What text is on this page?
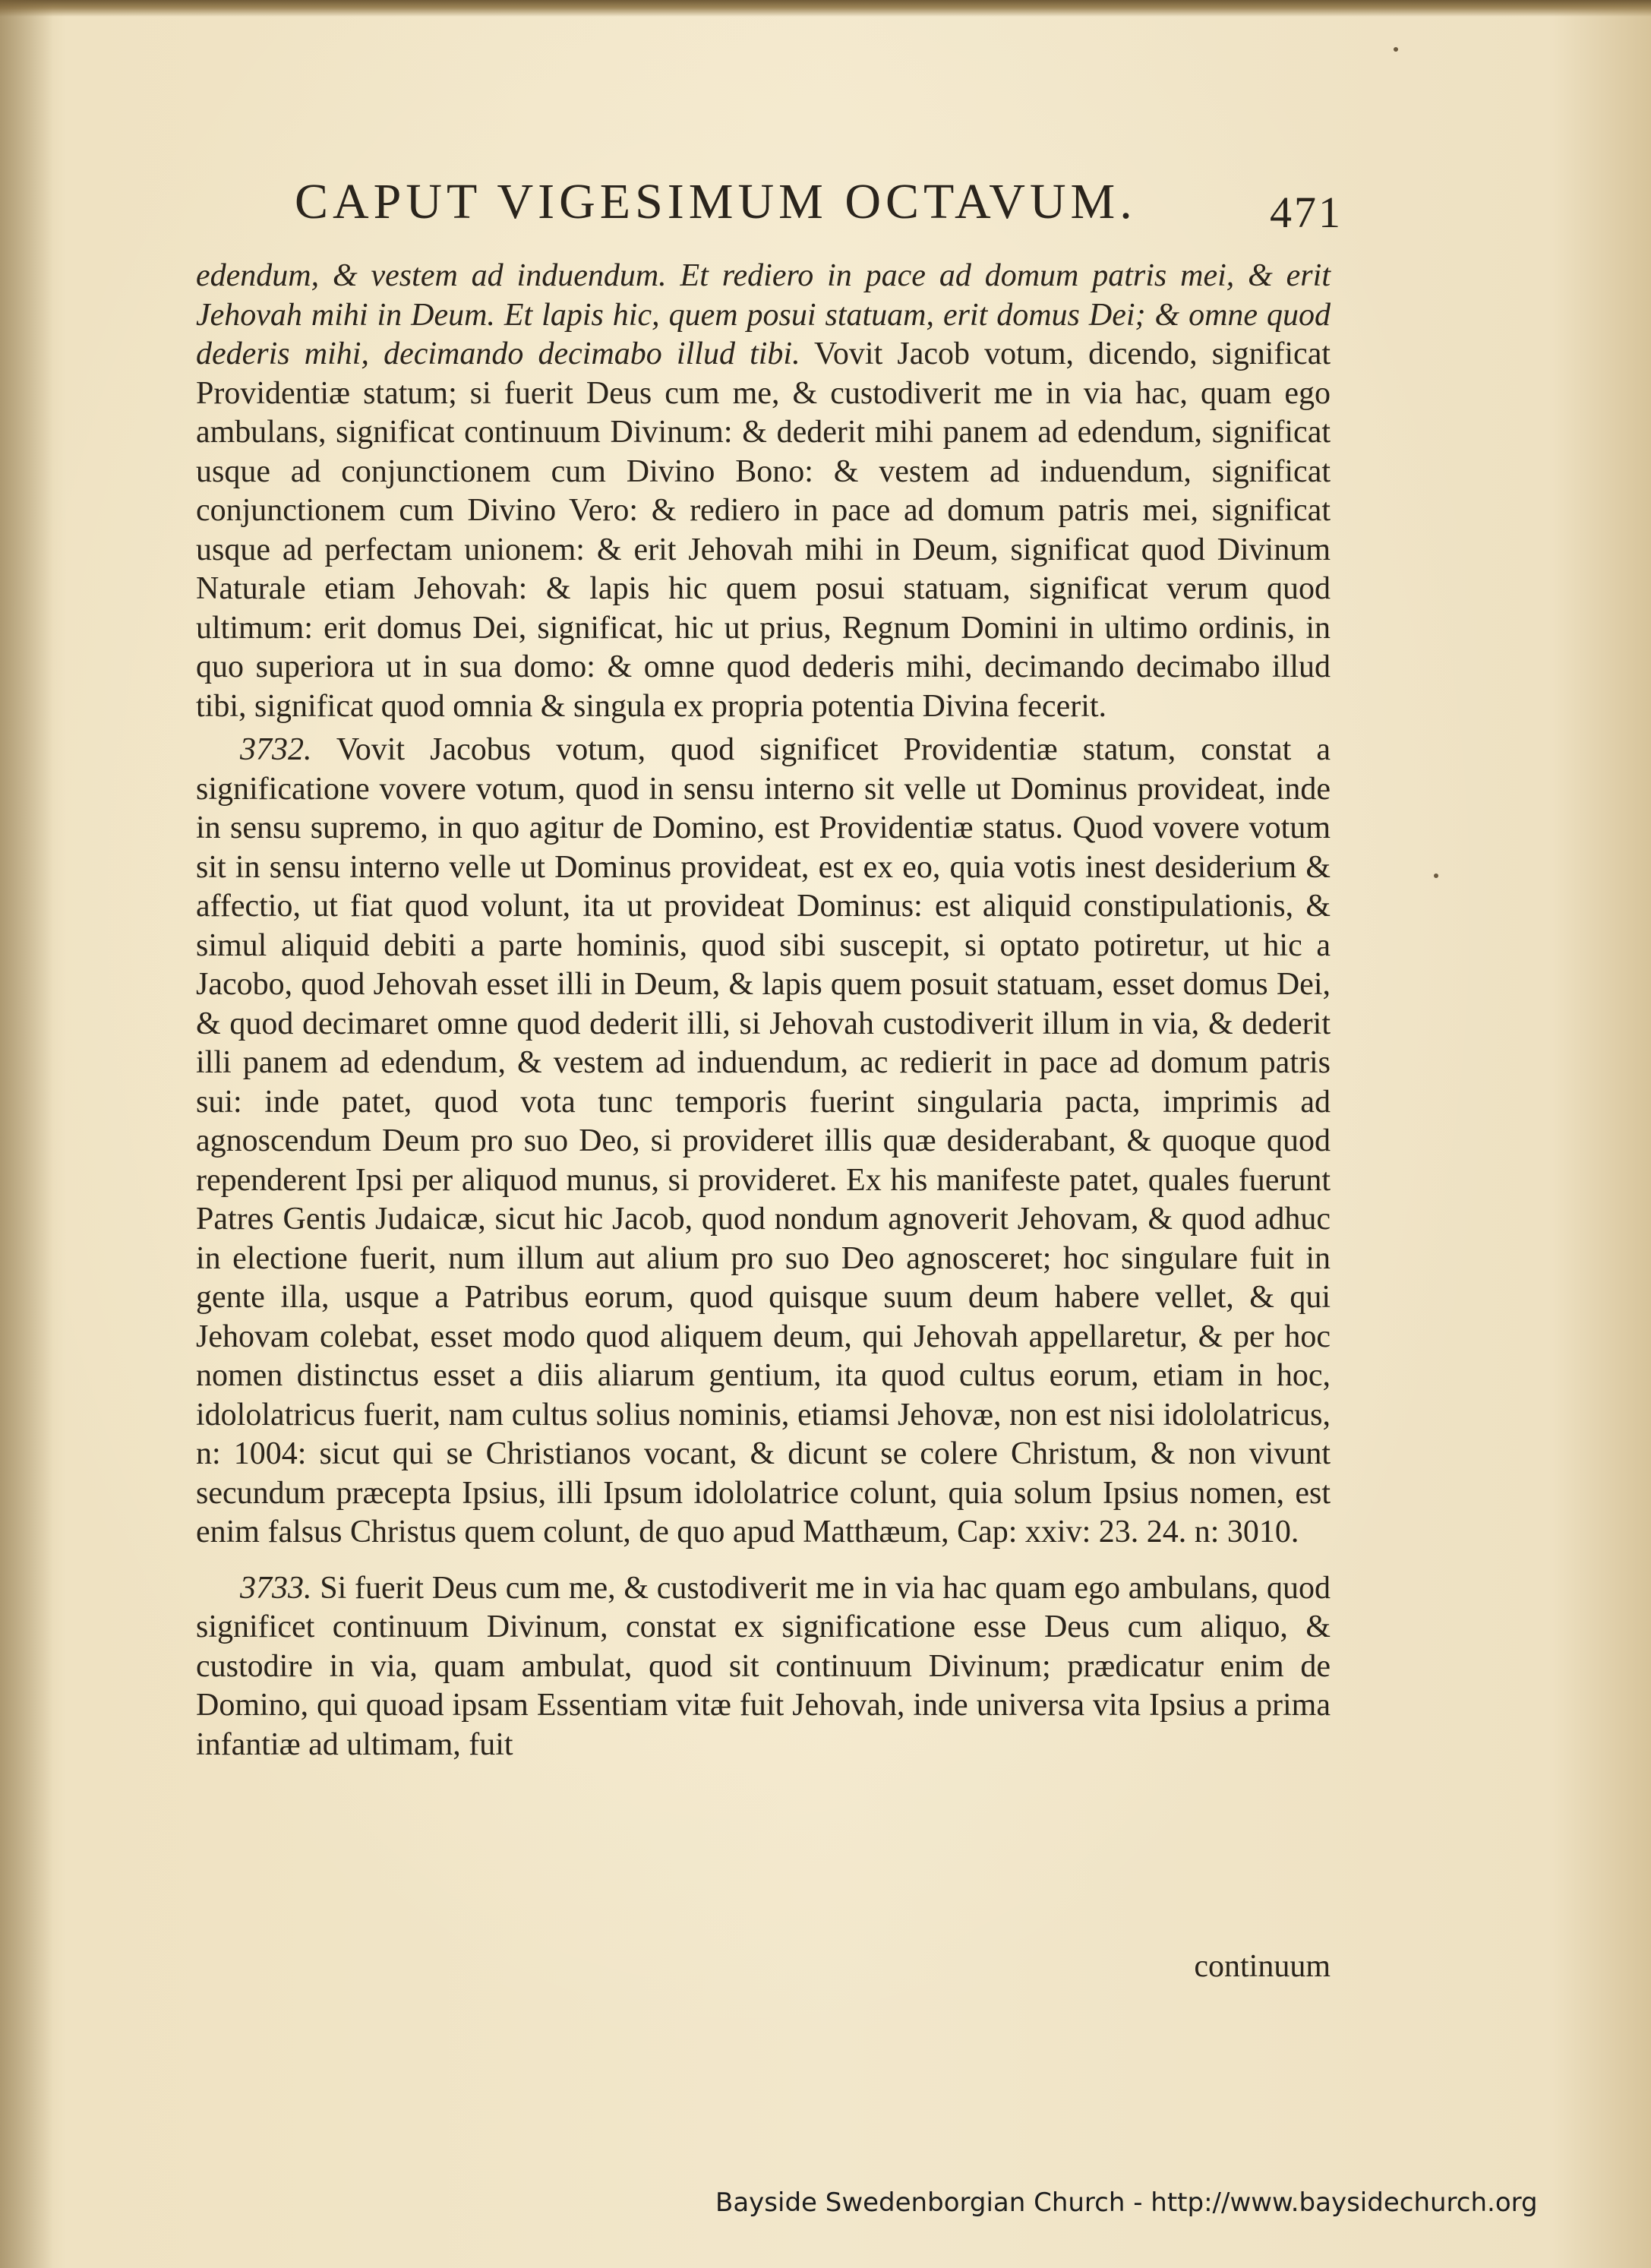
CAPUT VIGESIMUM OCTAVUM.	471

edendum, & vestem ad induendum. Et rediero in pace ad domum patris mei, & erit Jehovah mihi in Deum. Et lapis hic, quem posui statuam, erit domus Dei; & omne quod dederis mihi, decimando decimabo illud tibi. Vovit Jacob votum, dicendo, significat Providentiæ statum; si fuerit Deus cum me, & custodiverit me in via hac, quam ego ambulans, significat continuum Divinum: & dederit mihi panem ad edendum, significat usque ad conjunctionem cum Divino Bono: & vestem ad induendum, significat conjunctionem cum Divino Vero: & rediero in pace ad domum patris mei, significat usque ad perfectam unionem: & erit Jehovah mihi in Deum, significat quod Divinum Naturale etiam Jehovah: & lapis hic quem posui statuam, significat verum quod ultimum: erit domus Dei, significat, hic ut prius, Regnum Domini in ultimo ordinis, in quo superiora ut in sua domo: & omne quod dederis mihi, decimando decimabo illud tibi, significat quod omnia & singula ex propria potentia Divina fecerit.

3732. Vovit Jacobus votum, quod significet Providentiæ statum, constat a significatione vovere votum, quod in sensu interno sit velle ut Dominus provideat, inde in sensu supremo, in quo agitur de Domino, est Providentiæ status. Quod vovere votum sit in sensu interno velle ut Dominus provideat, est ex eo, quia votis inest desiderium & affectio, ut fiat quod volunt, ita ut provideat Dominus: est aliquid constipulationis, & simul aliquid debiti a parte hominis, quod sibi suscepit, si optato potiretur, ut hic a Jacobo, quod Jehovah esset illi in Deum, & lapis quem posuit statuam, esset domus Dei, & quod decimaret omne quod dederit illi, si Jehovah custodiverit illum in via, & dederit illi panem ad edendum, & vestem ad induendum, ac redierit in pace ad domum patris sui: inde patet, quod vota tunc temporis fuerint singularia pacta, imprimis ad agnoscendum Deum pro suo Deo, si provideret illis quæ desiderabant, & quoque quod rependerent Ipsi per aliquod munus, si provideret. Ex his manifeste patet, quales fuerunt Patres Gentis Judaicæ, sicut hic Jacob, quod nondum agnoverit Jehovam, & quod adhuc in electione fuerit, num illum aut alium pro suo Deo agnosceret; hoc singulare fuit in gente illa, usque a Patribus eorum, quod quisque suum deum habere vellet, & qui Jehovam colebat, esset modo quod aliquem deum, qui Jehovah appellaretur, & per hoc nomen distinctus esset a diis aliarum gentium, ita quod cultus eorum, etiam in hoc, idololatricus fuerit, nam cultus solius nominis, etiamsi Jehovæ, non est nisi idololatricus, n: 1004: sicut qui se Christianos vocant, & dicunt se colere Christum, & non vivunt secundum præcepta Ipsius, illi Ipsum idololatrice colunt, quia solum Ipsius nomen, est enim falsus Christus quem colunt, de quo apud Matthæum, Cap: xxiv: 23. 24. n: 3010.

3733. Si fuerit Deus cum me, & custodiverit me in via hac quam ego ambulans, quod significet continuum Divinum, constat ex significatione esse Deus cum aliquo, & custodire in via, quam ambulat, quod sit continuum Divinum; prædicatur enim de Domino, qui quoad ipsam Essentiam vitæ fuit Jehovah, inde universa vita Ipsius a prima infantiæ ad ultimam, fuit

continuum
Bayside Swedenborgian Church - http://www.baysidechurch.org
